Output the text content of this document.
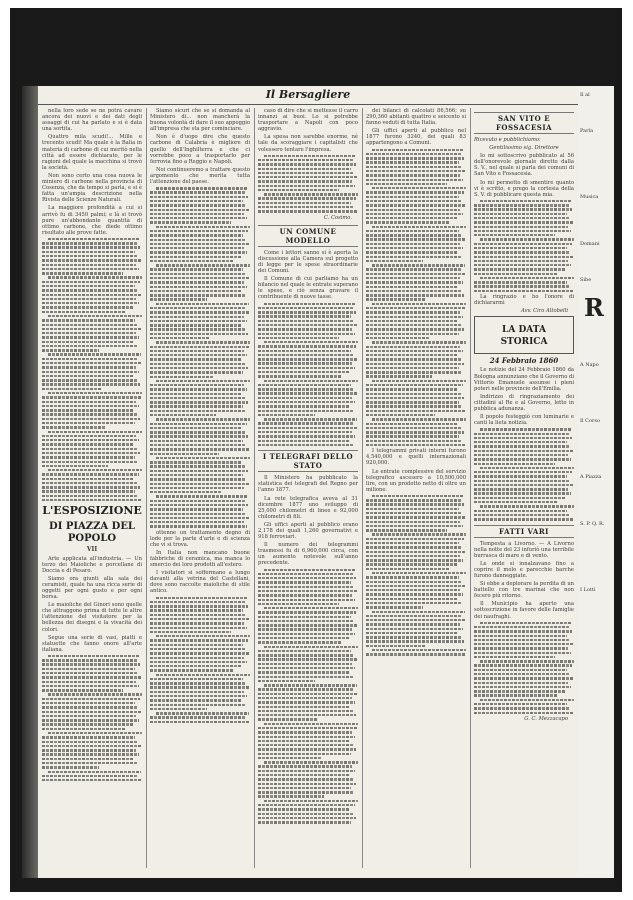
Il Bersagliere

nella loro sede se ne potrà cavare ancora dei nuovi e dei dati degli assaggi di cui ha parlato e si è data una sortita.

Quattro mila scudi!... Mille e trecento scudi! Ma quale è la Balia in materia di carbone di cui meritò nella città ad essere dichiarato, per le ragioni del quale la macchina si trovò la società.

Non sono certo una cosa nuova le miniere di carbone nella provincia di Cosenza, che da tempo si parla, e si è fatta un'ampia descrizione nella Rivista delle Scienze Naturali.

La maggiore profondità a cui si arrivò fu di 3450 palmi; e là si trovò pure un'abbondante quantità di ottimo carbone, che diede ottimo risultato alle prove fatte.

L'ESPOSIZIONE
DI PIAZZA DEL POPOLO
VII

Arte applicata all'industria. — Un terzo dei Maioliche e porcellane di Doccia e di Pesaro.

Siamo ora giunti alla sala dei ceramisti, quale ha una ricca serie di oggetti per ogni gusto e per ogni borsa.

Le maioliche del Ginori sono quelle che attraggono prima di tutte le altre l'attenzione del visitatore per la bellezza dei disegni e la vivacità dei colori.

Segue una serie di vasi, piatti e statuette che fanno onore all'arte italiana.

Siamo sicuri che se si domanda al Ministero di... non mancherà la buona volontà di dare il suo appoggio all'impresa che sta per cominciare.

Non è d'uopo dire che questo carbone di Calabria è migliore di quello dell'Inghilterra e che ci vorrebbe poco a trasportarlo per ferrovia fino a Reggio e Napoli.

Noi continueremo a trattare questo argomento che merita tutta l'attenzione del paese.

ottenne un trattamento degno di lode per la parte d'arte e di scienza che vi si trova.

In Italia non mancano buone fabbriche di ceramica, ma manca lo smercio dei loro prodotti all'estero.

I visitatori si soffermano a lungo davanti alla vetrina del Castellani, dove sono raccolte maioliche di stile antico.

caso di dire che si mettesse il carro innanzi ai buoi. Lo si potrebbe trasportare a Napoli con poco aggravio.

La spesa non sarebbe enorme, né tale da scoraggiare i capitalisti che volessero tentare l'impresa.

C. Cosimo.
UN COMUNE MODELLO

Come i lettori sanno si è aperta la discussione alla Camera sul progetto di legge per le spese straordinarie dei Comuni.

Il Comune di cui parliamo ha un bilancio nel quale le entrate superano le spese, e ciò senza gravare il contribuente di nuove tasse.

I TELEGRAFI DELLO STATO

Il Ministero ha pubblicato la statistica dei telegrafi del Regno per l'anno 1877.

La rete telegrafica aveva al 31 dicembre 1877 uno sviluppo di 25,000 chilometri di linee e 92,000 chilometri di fili.

Gli uffici aperti al pubblico erano 2,178 dei quali 1,260 governativi e 918 ferroviari.

Il numero dei telegrammi trasmessi fu di 6,960,000 circa, con un aumento notevole sull'anno precedente.

dei bilanci di calcolati 86,566; su 290,360 abitanti quattro e seicento si fanno veduti di tutta Italia.

Gli uffici aperti al pubblico nel 1877 furono 3240, dei quali 83 appartengono a Comuni.

I telegrammi privati interni furono 4,540,000 e quelli internazionali 920,000.

Le entrate complessive del servizio telegrafico ascesero a 10,500,000 lire, con un prodotto netto di oltre un milione.

SAN VITO E FOSSACESIA

Ricevuto e pubblichiamo:

Gentilissimo sig. Direttore

Io mi sottoscrivo pubblicato al 56 dell'onorevole giornale diretto dalla S. V., nel quale si parla dei comuni di San Vito e Fossacesia.

Io mi permetto di smentire quanto vi è scritto, e prego la cortesia della S. V. di pubblicare questa mia.

La ringrazio e ho l'onore di dichiararmi

Avv. Ciro Altobelli
LA DATA STORICA
24 Febbraio 1860

Le notizie del 24 Febbraio 1860 da Bologna annunziano che il Governo di Vittorio Emanuele assunse i pieni poteri nelle provincie dell'Emilia.

Indirizzo di ringraziamento dei cittadini al Re e al Governo, letto in pubblica adunanza.

Il popolo festeggiò con luminarie e canti la lieta notizia.

FATTI VARI

Tempesta a Livorno. — A Livorno nella notte del 23 infuriò una terribile burrasca di mare e di vento.

Le onde si innalzavano fino a coprire il molo e parecchie barche furono danneggiate.

Si ebbe a deplorare la perdita di un battello con tre marinai che non fecero più ritorno.

Il Municipio ha aperto una sottoscrizione in favore delle famiglie dei naufraghi.

G. C. Mezzacapo
Il al
Parla
Musica
Domani
Sibe
R
A Napo
Il Corso
A Piazza
S. P. Q. R.
I Lotti
